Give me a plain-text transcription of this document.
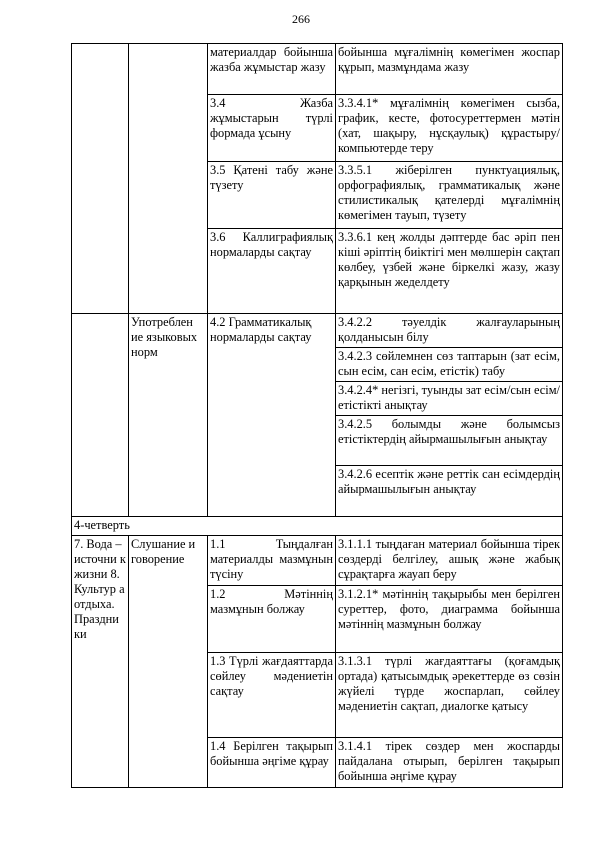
266
		материалдар бойынша жазба жұмыстар жазу	бойынша мұғалімнің көмегімен жоспар құрып, мазмұндама жазу
		3.4 Жазба жұмыстарын түрлі формада ұсыну	3.3.4.1* мұғалімнің көмегімен сызба, график, кесте, фотосуреттермен мәтін (хат, шақыру, нұсқаулық) құрастыру/ компьютерде теру
		3.5 Қатені табу және түзету	3.3.5.1 жіберілген пунктуациялық, орфографиялық, грамматикалық және стилистикалық қателерді мұғалімнің көмегімен тауып, түзету
		3.6 Каллиграфиялық нормаларды сақтау	3.3.6.1 кең жолды дәптерде бас әріп пен кіші әріптің биіктігі мен мөлшерін сақтап көлбеу, үзбей және біркелкі жазу, жазу қарқынын жеделдету
	Употреблен ие языковых норм	4.2 Грамматикалық нормаларды сақтау	3.4.2.2 тәуелдік жалғауларының қолданысын білу
			3.4.2.3 сөйлемнен сөз таптарын (зат есім, сын есім, сан есім, етістік) табу
			3.4.2.4* негізгі, туынды зат есім/сын есім/етістікті анықтау
			3.4.2.5 болымды және болымсыз етістіктердің айырмашылығын анықтау
			3.4.2.6 есептік және реттік сан есімдердің айырмашылығын анықтау
4-четверть			
7. Вода – источни к жизни 8. Культур а отдыха. Праздни ки	Слушание и говорение	1.1 Тыңдалған материалды мазмұнын түсіну	3.1.1.1 тыңдаған материал бойынша тірек сөздерді белгілеу, ашық және жабық сұрақтарға жауап беру
		1.2 Мәтіннің мазмұнын болжау	3.1.2.1* мәтіннің тақырыбы мен берілген суреттер, фото, диаграмма бойынша мәтіннің мазмұнын болжау
		1.3 Түрлі жағдаяттарда сөйлеу мәдениетін сақтау	3.1.3.1 түрлі жағдаяттағы (қоғамдық ортада) қатысымдық әрекеттерде өз сөзін жүйелі түрде жоспарлап, сөйлеу мәдениетін сақтап, диалогке қатысу
		1.4 Берілген тақырып бойынша әңгіме құрау	3.1.4.1 тірек сөздер мен жоспарды пайдалана отырып, берілген тақырып бойынша әңгіме құрау
